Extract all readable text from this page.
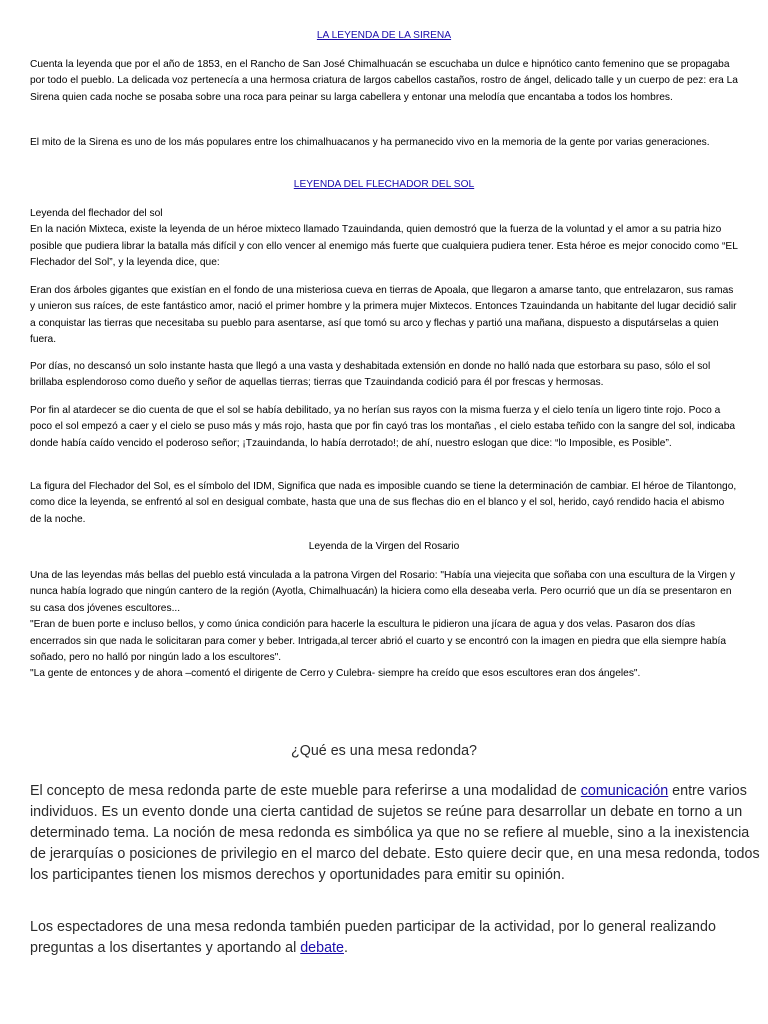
LA LEYENDA DE LA SIRENA

Cuenta la leyenda que por el año de 1853, en el Rancho de San José Chimalhuacán se escuchaba un dulce e hipnótico canto femenino que se propagaba por todo el pueblo. La delicada voz pertenecía a una hermosa criatura de largos cabellos castaños, rostro de ángel, delicado talle y un cuerpo de pez: era La Sirena quien cada noche se posaba sobre una roca para peinar su larga cabellera y entonar una melodía que encantaba a todos los hombres.

El mito de la Sirena es uno de los más populares entre los chimalhuacanos y ha permanecido vivo en la memoria de la gente por varias generaciones.

LEYENDA DEL FLECHADOR DEL SOL

Leyenda del flechador del sol

En la nación Mixteca, existe la leyenda de un héroe mixteco llamado Tzauindanda, quien demostró que la fuerza de la voluntad y el amor a su patria hizo posible que pudiera librar la batalla más difícil y con ello vencer al enemigo más fuerte que cualquiera pudiera tener. Esta héroe es mejor conocido como “EL Flechador del Sol”, y la leyenda dice, que:

Eran dos árboles gigantes que existían en el fondo de una misteriosa cueva en tierras de Apoala, que llegaron a amarse tanto, que entrelazaron, sus ramas y unieron sus raíces, de este fantástico amor, nació el primer hombre y la primera mujer Mixtecos. Entonces Tzauindanda un habitante del lugar decidió salir a conquistar las tierras que necesitaba su pueblo para asentarse, así que tomó su arco y flechas y partió una mañana, dispuesto a disputárselas a quien fuera.

Por días, no descansó un solo instante hasta que llegó a una vasta y deshabitada extensión en donde no halló nada que estorbara su paso, sólo el sol brillaba esplendoroso como dueño y señor de aquellas tierras; tierras que Tzauindanda codició para él por frescas y hermosas.

Por fin al atardecer se dio cuenta de que el sol se había debilitado, ya no herían sus rayos con la misma fuerza y el cielo tenía un ligero tinte rojo. Poco a poco el sol empezó a caer y el cielo se puso más y más rojo, hasta que por fin cayó tras los montañas , el cielo estaba teñido con la sangre del sol, indicaba donde había caído vencido el poderoso señor; ¡Tzauindanda, lo había derrotado!; de ahí, nuestro eslogan que dice: “lo Imposible, es Posible”.

La figura del Flechador del Sol, es el símbolo del IDM, Significa que nada es imposible cuando se tiene la determinación de cambiar. El héroe de Tilantongo, como dice la leyenda, se enfrentó al sol en desigual combate, hasta que una de sus flechas dio en el blanco y el sol, herido, cayó rendido hacia el abismo de la noche.

Leyenda de la Virgen del Rosario

Una de las leyendas más bellas del pueblo está vinculada a la patrona Virgen del Rosario: "Había una viejecita que soñaba con una escultura de la Virgen y nunca había logrado que ningún cantero de la región (Ayotla, Chimalhuacán) la hiciera como ella deseaba verla. Pero ocurrió que un día se presentaron en su casa dos jóvenes escultores...

"Eran de buen porte e incluso bellos, y como única condición para hacerle la escultura le pidieron una jícara de agua y dos velas. Pasaron dos días encerrados sin que nada le solicitaran para comer y beber. Intrigada,al tercer abrió el cuarto y se encontró con la imagen en piedra que ella siempre había soñado, pero no halló por ningún lado a los escultores".

"La gente de entonces y de ahora –comentó el dirigente de Cerro y Culebra- siempre ha creído que esos escultores eran dos ángeles".

¿Qué es una mesa redonda?
El concepto de mesa redonda parte de este mueble para referirse a una modalidad de comunicación entre varios individuos. Es un evento donde una cierta cantidad de sujetos se reúne para desarrollar un debate en torno a un determinado tema. La noción de mesa redonda es simbólica ya que no se refiere al mueble, sino a la inexistencia de jerarquías o posiciones de privilegio en el marco del debate. Esto quiere decir que, en una mesa redonda, todos los participantes tienen los mismos derechos y oportunidades para emitir su opinión.
Los espectadores de una mesa redonda también pueden participar de la actividad, por lo general realizando preguntas a los disertantes y aportando al debate.
